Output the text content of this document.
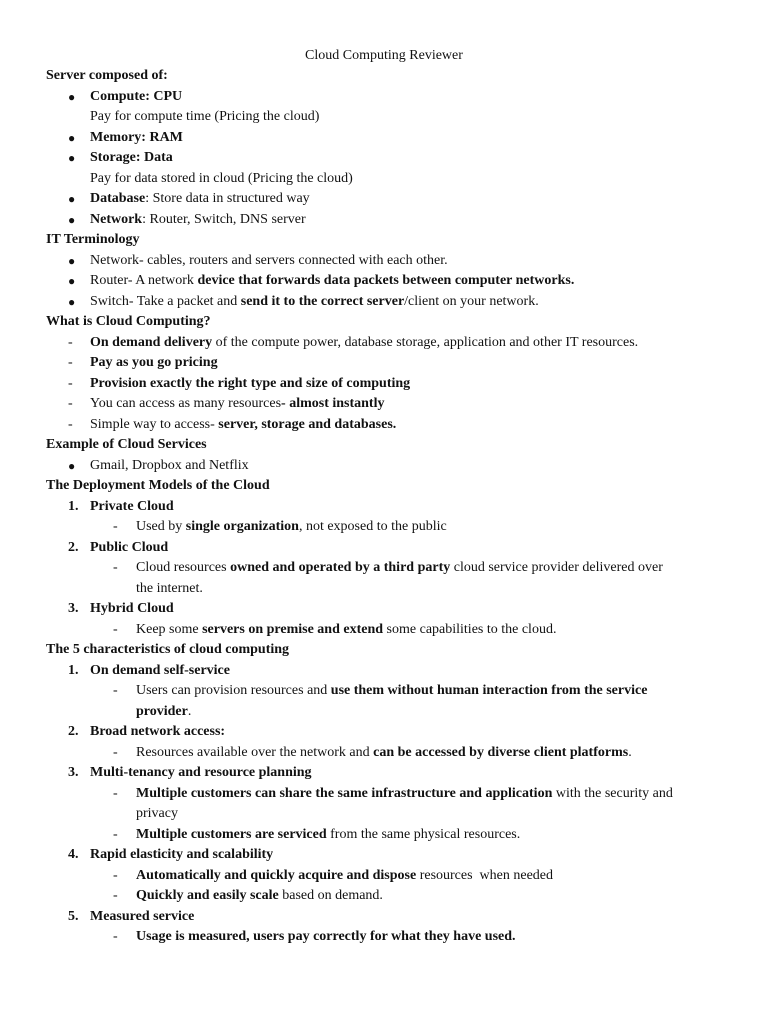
Cloud Computing Reviewer
Server composed of:
● Compute: CPU
Pay for compute time (Pricing the cloud)
● Memory: RAM
● Storage: Data
Pay for data stored in cloud (Pricing the cloud)
● Database: Store data in structured way
● Network: Router, Switch, DNS server
IT Terminology
● Network- cables, routers and servers connected with each other.
● Router- A network device that forwards data packets between computer networks.
● Switch- Take a packet and send it to the correct server/client on your network.
What is Cloud Computing?
- On demand delivery of the compute power, database storage, application and other IT resources.
- Pay as you go pricing
- Provision exactly the right type and size of computing
- You can access as many resources- almost instantly
- Simple way to access- server, storage and databases.
Example of Cloud Services
● Gmail, Dropbox and Netflix
The Deployment Models of the Cloud
1. Private Cloud
- Used by single organization, not exposed to the public
2. Public Cloud
- Cloud resources owned and operated by a third party cloud service provider delivered over
the internet.
3. Hybrid Cloud
- Keep some servers on premise and extend some capabilities to the cloud.
The 5 characteristics of cloud computing
1. On demand self-service
- Users can provision resources and use them without human interaction from the service
provider.
2. Broad network access:
- Resources available over the network and can be accessed by diverse client platforms.
3. Multi-tenancy and resource planning
- Multiple customers can share the same infrastructure and application with the security and
privacy
- Multiple customers are serviced from the same physical resources.
4. Rapid elasticity and scalability
- Automatically and quickly acquire and dispose resources  when needed
- Quickly and easily scale based on demand.
5. Measured service
- Usage is measured, users pay correctly for what they have used.
